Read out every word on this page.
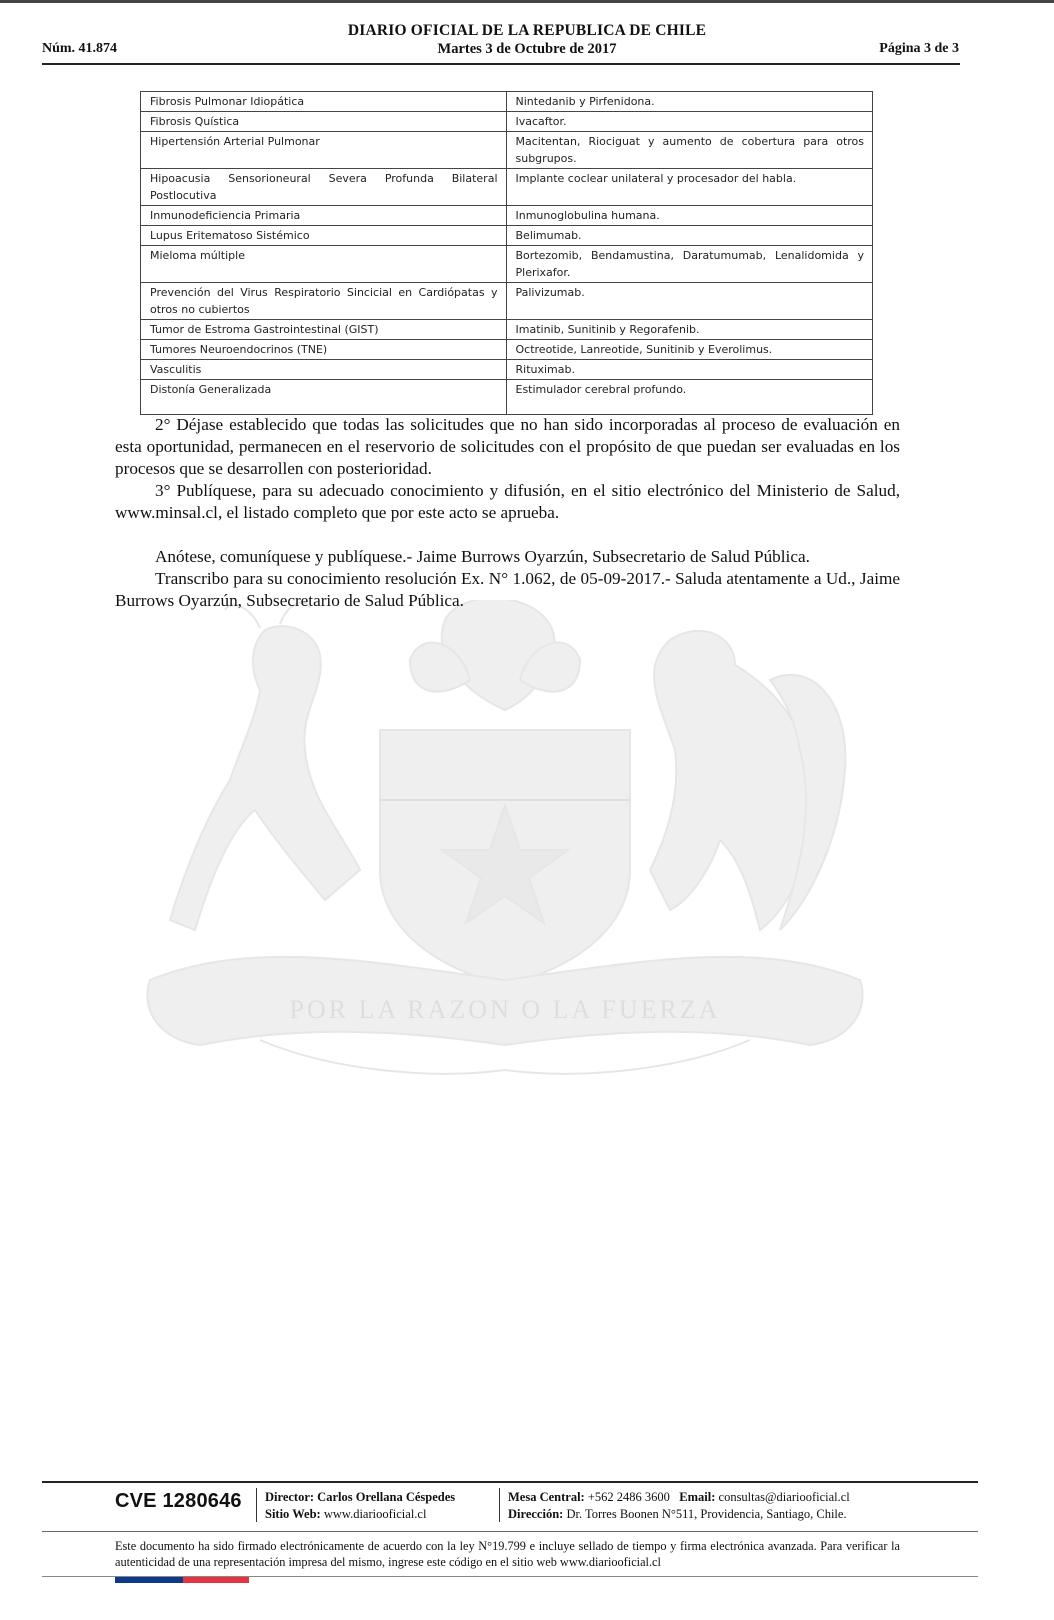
DIARIO OFICIAL DE LA REPUBLICA DE CHILE
Núm. 41.874	Martes 3 de Octubre de 2017	Página 3 de 3
POR LA RAZON O LA FUERZA
Fibrosis Pulmonar Idiopática	Nintedanib y Pirfenidona.
Fibrosis Quística	Ivacaftor.
Hipertensión Arterial Pulmonar	Macitentan, Riociguat y aumento de cobertura para otros subgrupos.
Hipoacusia Sensorioneural Severa Profunda Bilateral Postlocutiva	Implante coclear unilateral y procesador del habla.
Inmunodeficiencia Primaria	Inmunoglobulina humana.
Lupus Eritematoso Sistémico	Belimumab.
Mieloma múltiple	Bortezomib, Bendamustina, Daratumumab, Lenalidomida y Plerixafor.
Prevención del Virus Respiratorio Sincicial en Cardiópatas y otros no cubiertos	Palivizumab.
Tumor de Estroma Gastrointestinal (GIST)	Imatinib, Sunitinib y Regorafenib.
Tumores Neuroendocrinos (TNE)	Octreotide, Lanreotide, Sunitinib y Everolimus.
Vasculitis	Rituximab.
Distonía Generalizada	Estimulador cerebral profundo.

2° Déjase establecido que todas las solicitudes que no han sido incorporadas al proceso de evaluación en esta oportunidad, permanecen en el reservorio de solicitudes con el propósito de que puedan ser evaluadas en los procesos que se desarrollen con posterioridad.

3° Publíquese, para su adecuado conocimiento y difusión, en el sitio electrónico del Ministerio de Salud, www.minsal.cl, el listado completo que por este acto se aprueba.

Anótese, comuníquese y publíquese.- Jaime Burrows Oyarzún, Subsecretario de Salud Pública.

Transcribo para su conocimiento resolución Ex. N° 1.062, de 05-09-2017.- Saluda atentamente a Ud., Jaime Burrows Oyarzún, Subsecretario de Salud Pública.

CVE 1280646 Director: Carlos Orellana Céspedes
Sitio Web: www.diariooficial.cl
Mesa Central: +562 2486 3600 Email: consultas@diariooficial.cl
Dirección: Dr. Torres Boonen N°511, Providencia, Santiago, Chile.
Este documento ha sido firmado electrónicamente de acuerdo con la ley N°19.799 e incluye sellado de tiempo y firma electrónica avanzada. Para verificar la autenticidad de una representación impresa del mismo, ingrese este código en el sitio web www.diariooficial.cl
